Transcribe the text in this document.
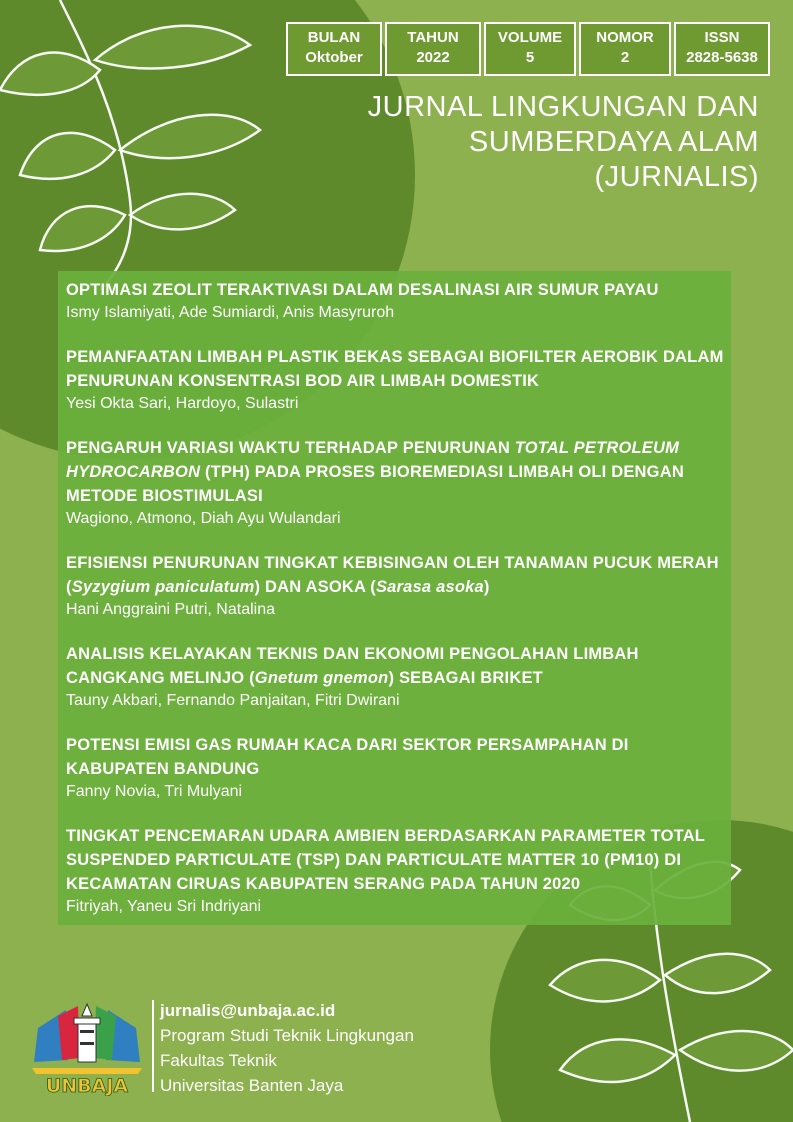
BULAN
Oktober
TAHUN
2022
VOLUME
5
NOMOR
2
ISSN
2828-5638
JURNAL LINGKUNGAN DAN
SUMBERDAYA ALAM
(JURNALIS)
OPTIMASI ZEOLIT TERAKTIVASI DALAM DESALINASI AIR SUMUR PAYAU
Ismy Islamiyati, Ade Sumiardi, Anis Masyruroh
PEMANFAATAN LIMBAH PLASTIK BEKAS SEBAGAI BIOFILTER AEROBIK DALAM PENURUNAN KONSENTRASI BOD AIR LIMBAH DOMESTIK
Yesi Okta Sari, Hardoyo, Sulastri
PENGARUH VARIASI WAKTU TERHADAP PENURUNAN TOTAL PETROLEUM HYDROCARBON (TPH) PADA PROSES BIOREMEDIASI LIMBAH OLI DENGAN METODE BIOSTIMULASI
Wagiono, Atmono, Diah Ayu Wulandari
EFISIENSI PENURUNAN TINGKAT KEBISINGAN OLEH TANAMAN PUCUK MERAH (Syzygium paniculatum) DAN ASOKA (Sarasa asoka)
Hani Anggraini Putri, Natalina
ANALISIS KELAYAKAN TEKNIS DAN EKONOMI PENGOLAHAN LIMBAH CANGKANG MELINJO (Gnetum gnemon) SEBAGAI BRIKET
Tauny Akbari, Fernando Panjaitan, Fitri Dwirani
POTENSI EMISI GAS RUMAH KACA DARI SEKTOR PERSAMPAHAN DI KABUPATEN BANDUNG
Fanny Novia, Tri Mulyani
TINGKAT PENCEMARAN UDARA AMBIEN BERDASARKAN PARAMETER TOTAL SUSPENDED PARTICULATE (TSP) DAN PARTICULATE MATTER 10 (PM10) DI KECAMATAN CIRUAS KABUPATEN SERANG PADA TAHUN 2020
Fitriyah, Yaneu Sri Indriyani
UNBAJA
jurnalis@unbaja.ac.id
Program Studi Teknik Lingkungan
Fakultas Teknik
Universitas Banten Jaya
